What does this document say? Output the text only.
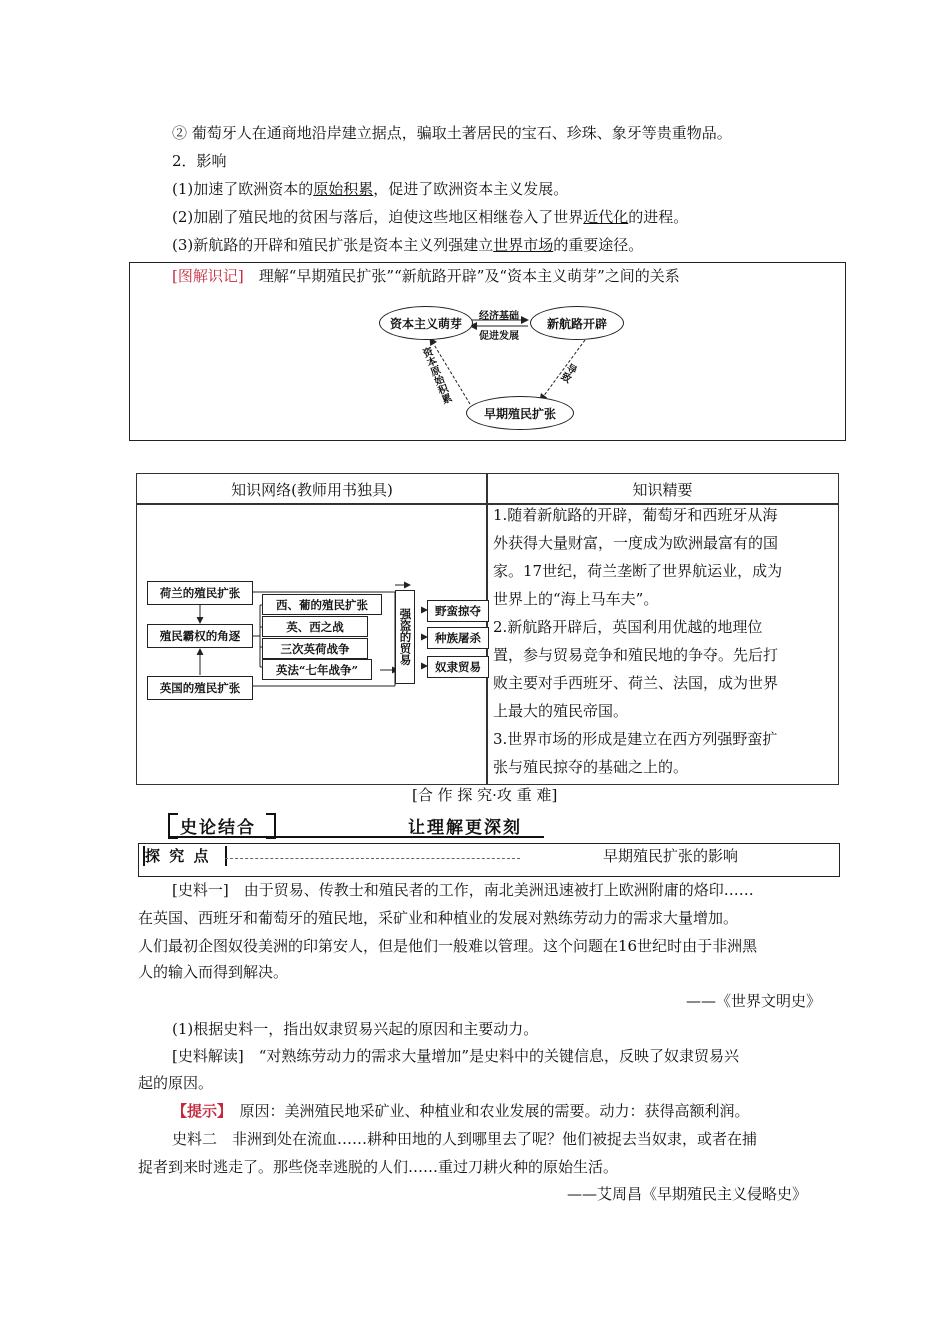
② 葡萄牙人在通商地沿岸建立据点，骗取土著居民的宝石、珍珠、象牙等贵重物品。
2．影响
(1)加速了欧洲资本的原始积累，促进了欧洲资本主义发展。
(2)加剧了殖民地的贫困与落后，迫使这些地区相继卷入了世界近代化的进程。
(3)新航路的开辟和殖民扩张是资本主义列强建立世界市场的重要途径。
[图解识记]　 理解“早期殖民扩张”“新航路开辟”及“资本主义萌芽”之间的关系
资本主义萌芽	新航路开辟
早期殖民扩张
经济基础
促进发展
资本原始积累	导致
知识网络(教师用书独具)	知识精要
荷兰的殖民扩张
殖民霸权的角逐
英国的殖民扩张
西、葡的殖民扩张
英、西之战
三次英荷战争
英法“七年战争”
强盗的贸易	野蛮掠夺
种族屠杀
奴隶贸易
1.随着新航路的开辟，葡萄牙和西班牙从海
外获得大量财富，一度成为欧洲最富有的国
家。17世纪，荷兰垄断了世界航运业，成为
世界上的“海上马车夫”。
2.新航路开辟后，英国利用优越的地理位
置，参与贸易竞争和殖民地的争夺。先后打
败主要对手西班牙、荷兰、法国，成为世界
上最大的殖民帝国。
3.世界市场的形成是建立在西方列强野蛮扩
张与殖民掠夺的基础之上的。
[合 作 探 究·攻 重 难]
史论结合	让理解更深刻
探 究 点	早期殖民扩张的影响
[史料一]　由于贸易、传教士和殖民者的工作，南北美洲迅速被打上欧洲附庸的烙印……
在英国、西班牙和葡萄牙的殖民地，采矿业和种植业的发展对熟练劳动力的需求大量增加。
人们最初企图奴役美洲的印第安人，但是他们一般难以管理。这个问题在16世纪时由于非洲黑
人的输入而得到解决。
——《世界文明史》
(1)根据史料一，指出奴隶贸易兴起的原因和主要动力。
[史料解读]　“对熟练劳动力的需求大量增加”是史料中的关键信息，反映了奴隶贸易兴
起的原因。
【提示】　原因：美洲殖民地采矿业、种植业和农业发展的需要。动力：获得高额利润。
史料二　非洲到处在流血……耕种田地的人到哪里去了呢？他们被捉去当奴隶，或者在捕
捉者到来时逃走了。那些侥幸逃脱的人们……重过刀耕火种的原始生活。
——艾周昌《早期殖民主义侵略史》
